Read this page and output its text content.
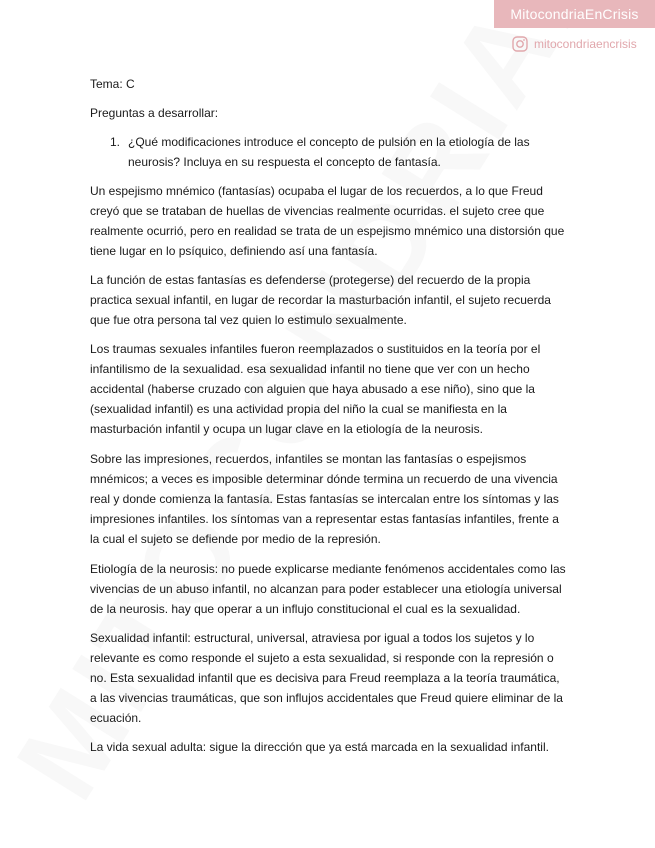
MitocondriaEnCrisis
mitocondriaencrisis

Tema: C

Preguntas a desarrollar:

1. ¿Qué modificaciones introduce el concepto de pulsión en la etiología de las neurosis? Incluya en su respuesta el concepto de fantasía.

Un espejismo mnémico (fantasías) ocupaba el lugar de los recuerdos, a lo que Freud creyó que se trataban de huellas de vivencias realmente ocurridas. el sujeto cree que realmente ocurrió, pero en realidad se trata de un espejismo mnémico una distorsión que tiene lugar en lo psíquico, definiendo así una fantasía.

La función de estas fantasías es defenderse (protegerse) del recuerdo de la propia practica sexual infantil, en lugar de recordar la masturbación infantil, el sujeto recuerda que fue otra persona tal vez quien lo estimulo sexualmente.

Los traumas sexuales infantiles fueron reemplazados o sustituidos en la teoría por el infantilismo de la sexualidad. esa sexualidad infantil no tiene que ver con un hecho accidental (haberse cruzado con alguien que haya abusado a ese niño), sino que la (sexualidad infantil) es una actividad propia del niño la cual se manifiesta en la masturbación infantil y ocupa un lugar clave en la etiología de la neurosis.

Sobre las impresiones, recuerdos, infantiles se montan las fantasías o espejismos mnémicos; a veces es imposible determinar dónde termina un recuerdo de una vivencia real y donde comienza la fantasía. Estas fantasías se intercalan entre los síntomas y las impresiones infantiles. los síntomas van a representar estas fantasías infantiles, frente a la cual el sujeto se defiende por medio de la represión.

Etiología de la neurosis: no puede explicarse mediante fenómenos accidentales como las vivencias de un abuso infantil, no alcanzan para poder establecer una etiología universal de la neurosis. hay que operar a un influjo constitucional el cual es la sexualidad.

Sexualidad infantil: estructural, universal, atraviesa por igual a todos los sujetos y lo relevante es como responde el sujeto a esta sexualidad, si responde con la represión o no. Esta sexualidad infantil que es decisiva para Freud reemplaza a la teoría traumática, a las vivencias traumáticas, que son influjos accidentales que Freud quiere eliminar de la ecuación.

La vida sexual adulta: sigue la dirección que ya está marcada en la sexualidad infantil.
